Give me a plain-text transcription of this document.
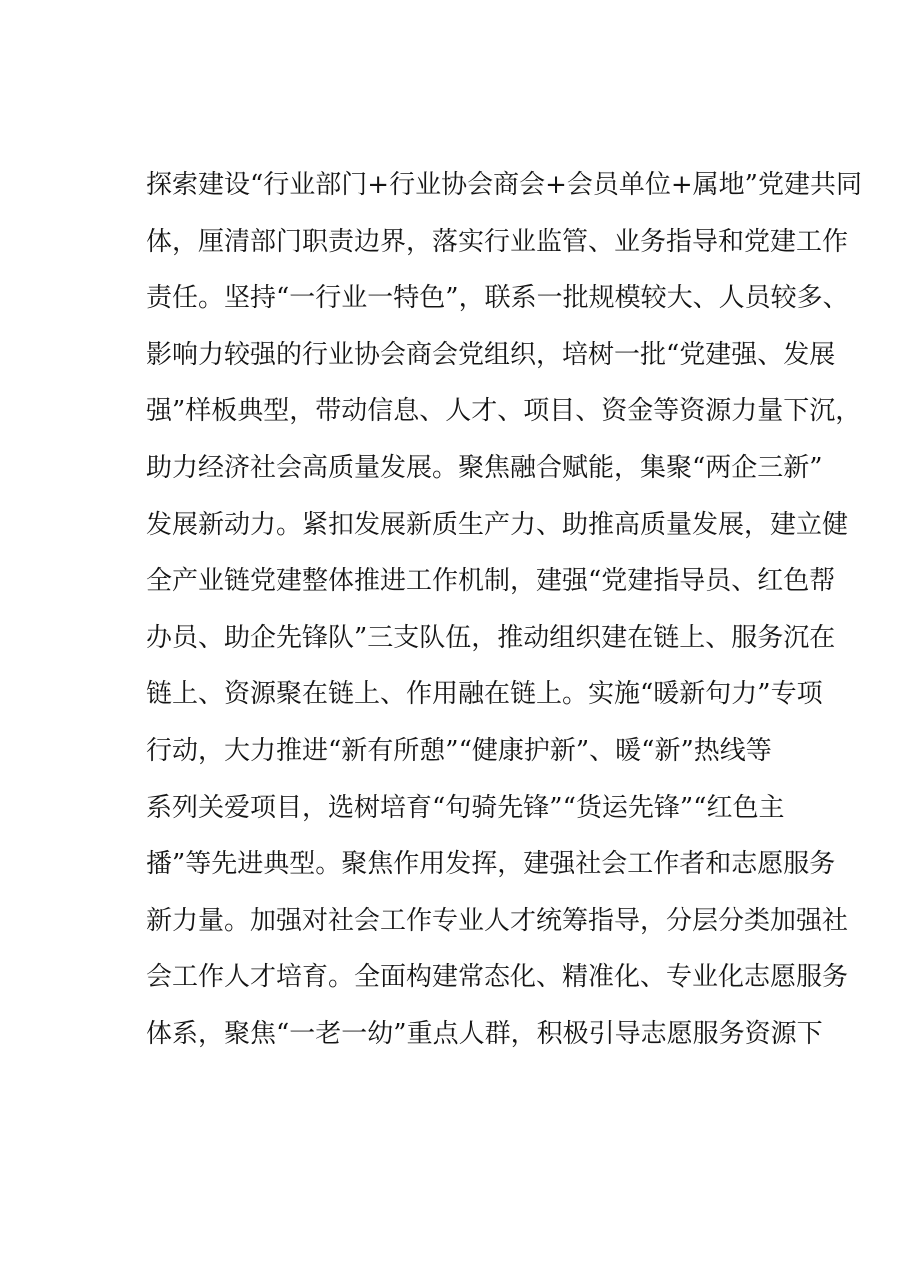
探索建设“行业部门+行业协会商会+会员单位+属地”党建共同

体，厘清部门职责边界，落实行业监管、业务指导和党建工作

责任。坚持“一行业一特色”，联系一批规模较大、人员较多、

影响力较强的行业协会商会党组织，培树一批“党建强、发展

强”样板典型，带动信息、人才、项目、资金等资源力量下沉，

助力经济社会高质量发展。聚焦融合赋能，集聚“两企三新”

发展新动力。紧扣发展新质生产力、助推高质量发展，建立健

全产业链党建整体推进工作机制，建强“党建指导员、红色帮

办员、助企先锋队”三支队伍，推动组织建在链上、服务沉在

链上、资源聚在链上、作用融在链上。实施“暖新句力”专项

行动，大力推进“新有所憩”“健康护新”、暖“新”热线等

系列关爱项目，选树培育“句骑先锋”“货运先锋”“红色主

播”等先进典型。聚焦作用发挥，建强社会工作者和志愿服务

新力量。加强对社会工作专业人才统筹指导，分层分类加强社

会工作人才培育。全面构建常态化、精准化、专业化志愿服务

体系，聚焦“一老一幼”重点人群，积极引导志愿服务资源下
